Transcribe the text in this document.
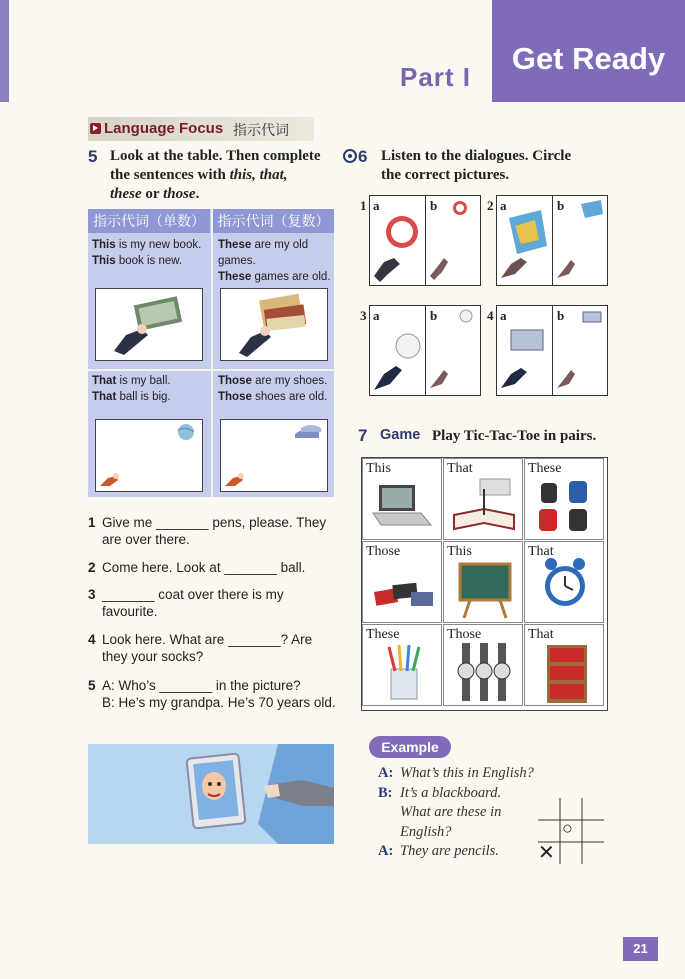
Get Ready
Part I
Language Focus 指示代词
5 Look at the table. Then complete
the sentences with this, that,
these or those.
指示代词（单数） 指示代词（复数）
This is my new book.
This book is new.
These are my old
games.
These games are old.
That is my ball.
That ball is big.
Those are my shoes.
Those shoes are old.
1 Give me _______ pens, please. They
are over there.
2 Come here. Look at _______ ball.
3 _______ coat over there is my
favourite.
4 Look here. What are _______? Are
they your socks?
5 A: Who’s _______ in the picture?
B: He’s my grandpa. He’s 70 years old.
6 Listen to the dialogues. Circle
the correct pictures.
1 a	b	2 a	b
3 a	b	4 a	b
7 Game Play Tic-Tac-Toe in pairs.
This	That	These
Those	This	That
These	Those	That
Example
A: What’s this in English?
B: It’s a blackboard.
What are these in
English?
A: They are pencils.
○
✕
21
